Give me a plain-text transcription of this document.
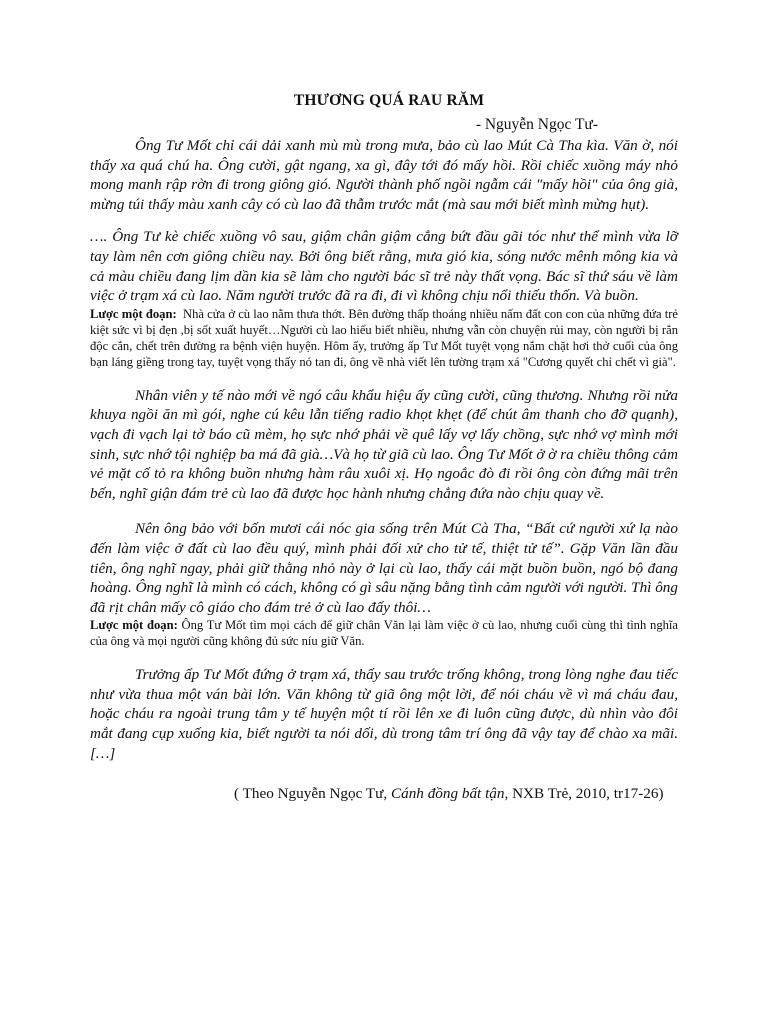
THƯƠNG QUÁ RAU RĂM
- Nguyễn Ngọc Tư-

Ông Tư Mốt chỉ cái dải xanh mù mù trong mưa, bảo cù lao Mút Cà Tha kìa. Văn ờ, nói thấy xa quá chú ha. Ông cười, gật ngang, xa gì, đây tới đó mấy hồi. Rồi chiếc xuồng máy nhỏ mong manh rập rờn đi trong giông gió. Người thành phố ngồi ngẫm cái "mấy hồi" của ông già, mừng túi thấy màu xanh cây có cù lao đã thẫm trước mắt (mà sau mới biết mình mừng hụt).

…. Ông Tư kè chiếc xuồng vô sau, giậm chân giậm cẳng bứt đầu gãi tóc như thể mình vừa lỡ tay làm nên cơn giông chiều nay. Bởi ông biết rằng, mưa gió kia, sóng nước mênh mông kia và cả màu chiều đang lịm dần kia sẽ làm cho người bác sĩ trẻ này thất vọng. Bác sĩ thứ sáu về làm việc ở trạm xá cù lao. Năm người trước đã ra đi, đi vì không chịu nổi thiếu thốn. Và buồn.

Lược một đoạn: Nhà cửa ở cù lao nằm thưa thớt. Bên đường thấp thoáng nhiều nấm đất con con của những đứa trẻ kiệt sức vì bị đẹn ,bị sốt xuất huyết…Người cù lao hiểu biết nhiều, nhưng vẫn còn chuyện rủi may, còn người bị rắn độc cắn, chết trên đường ra bệnh viện huyện. Hôm ấy, trưởng ấp Tư Mốt tuyệt vọng nắm chặt hơi thở cuối của ông bạn láng giềng trong tay, tuyệt vọng thấy nó tan đi, ông về nhà viết lên tường trạm xá "Cương quyết chỉ chết vì già".

Nhân viên y tế nào mới về ngó câu khẩu hiệu ấy cũng cười, cũng thương. Nhưng rồi nửa khuya ngồi ăn mì gói, nghe cú kêu lẫn tiếng radio khọt khẹt (để chút âm thanh cho đỡ quạnh), vạch đi vạch lại tờ báo cũ mèm, họ sực nhớ phải về quê lấy vợ lấy chồng, sực nhớ vợ mình mới sinh, sực nhớ tội nghiệp ba má đã già…Và họ từ giã cù lao. Ông Tư Mốt ở ờ ra chiều thông cảm vẻ mặt cố tỏ ra không buồn nhưng hàm râu xuôi xị. Họ ngoắc đò đi rồi ông còn đứng mãi trên bến, nghĩ giận đám trẻ cù lao đã được học hành nhưng chẳng đứa nào chịu quay về.

Nên ông bảo với bốn mươi cái nóc gia sống trên Mút Cà Tha, “Bất cứ người xứ lạ nào đến làm việc ở đất cù lao đều quý, mình phải đối xử cho tử tế, thiệt tử tế”. Gặp Văn lần đầu tiên, ông nghĩ ngay, phải giữ thằng nhỏ này ở lại cù lao, thấy cái mặt buồn buồn, ngó bộ đang hoàng. Ông nghĩ là mình có cách, không có gì sâu nặng bằng tình cảm người với người. Thì ông đã rịt chân mấy cô giáo cho đám trẻ ở cù lao đấy thôi…

Lược một đoạn: Ông Tư Mốt tìm mọi cách để giữ chân Văn lại làm việc ở cù lao, nhưng cuối cùng thì tình nghĩa của ông và mọi người cũng không đủ sức níu giữ Văn.

Trưởng ấp Tư Mốt đứng ở trạm xá, thấy sau trước trống không, trong lòng nghe đau tiếc như vừa thua một ván bài lớn. Văn không từ giã ông một lời, để nói cháu về vì má cháu đau, hoặc cháu ra ngoài trung tâm y tế huyện một tí rồi lên xe đi luôn cũng được, dù nhìn vào đôi mắt đang cụp xuống kia, biết người ta nói dối, dù trong tâm trí ông đã vậy tay để chào xa mãi. […]

( Theo Nguyễn Ngọc Tư, Cánh đồng bất tận, NXB Trẻ, 2010, tr17-26)
